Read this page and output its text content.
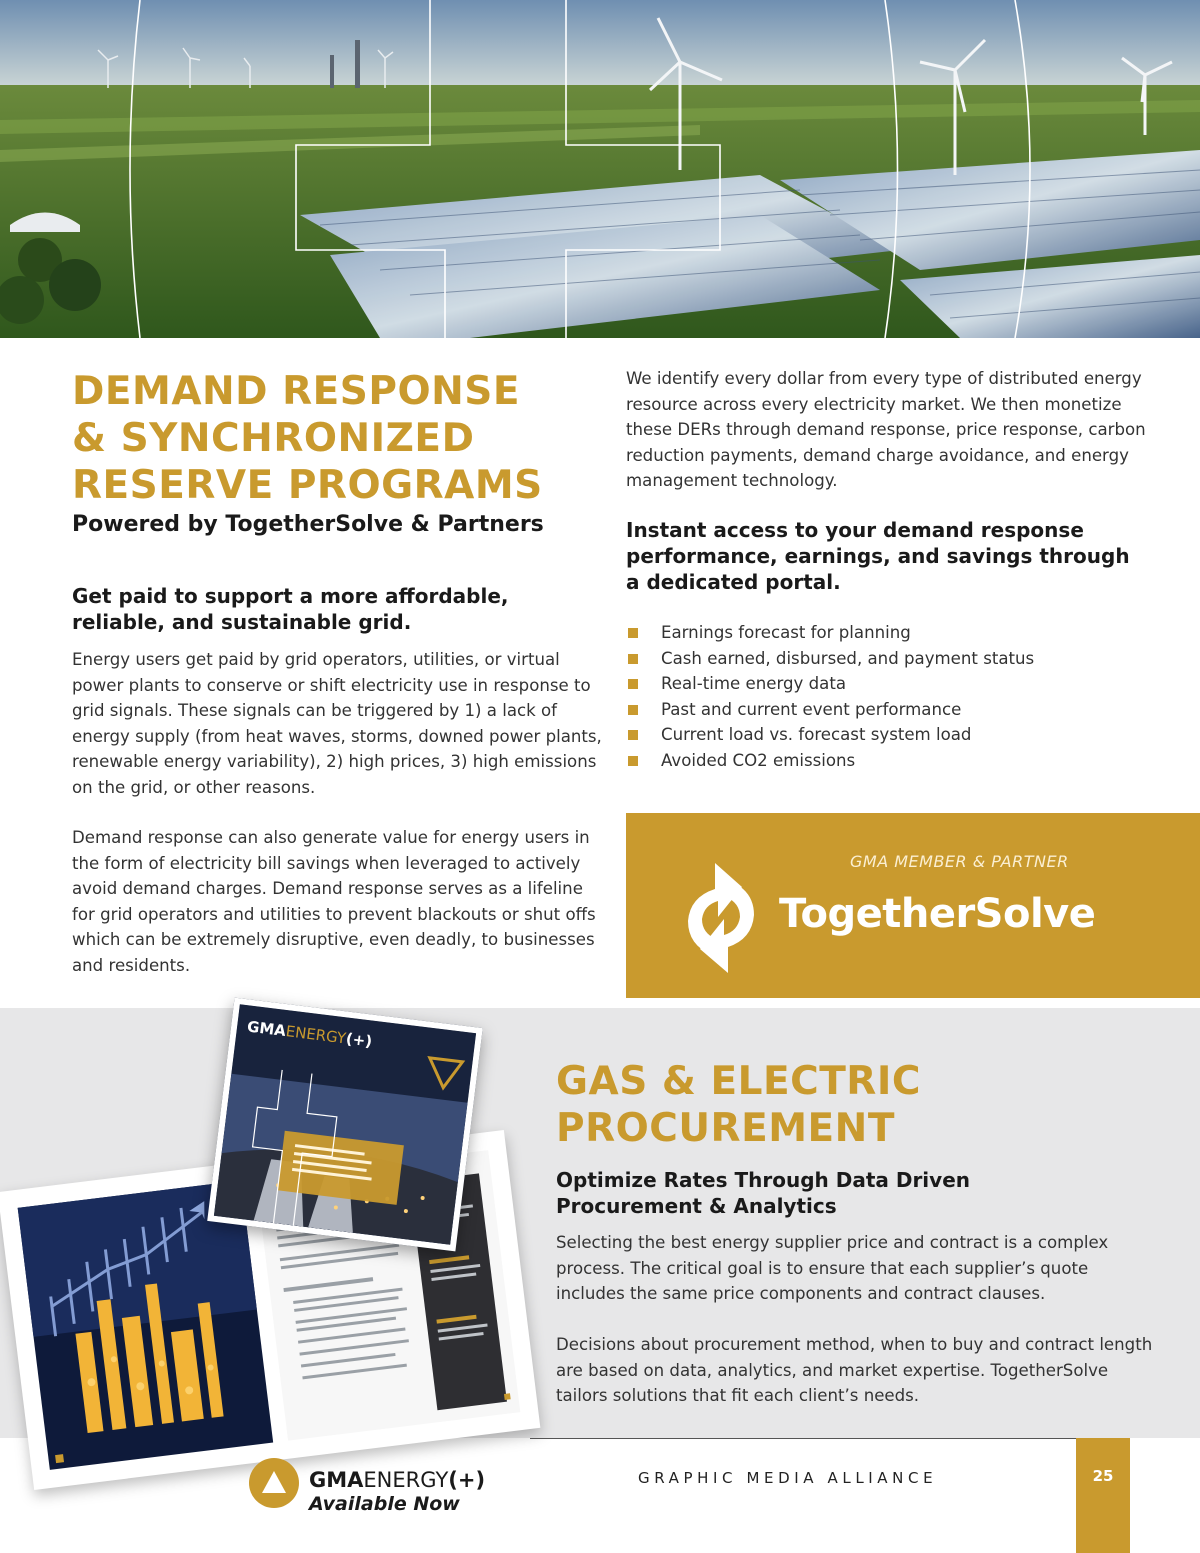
DEMAND RESPONSE
& SYNCHRONIZED
RESERVE PROGRAMS
Powered by TogetherSolve & Partners
Get paid to support a more affordable, reliable, and sustainable grid.

Energy users get paid by grid operators, utilities, or virtual power plants to conserve or shift electricity use in response to grid signals. These signals can be triggered by 1) a lack of energy supply (from heat waves, storms, downed power plants, renewable energy variability), 2) high prices, 3) high emissions on the grid, or other reasons.

Demand response can also generate value for energy users in the form of electricity bill savings when leveraged to actively avoid demand charges. Demand response serves as a lifeline for grid operators and utilities to prevent blackouts or shut offs which can be extremely disruptive, even deadly, to businesses and residents.

We identify every dollar from every type of distributed energy resource across every electricity market. We then monetize these DERs through demand response, price response, carbon reduction payments, demand charge avoidance, and energy management technology.

Instant access to your demand response performance, earnings, and savings through a dedicated portal.
Earnings forecast for planning
Cash earned, disbursed, and payment status
Real-time energy data
Past and current event performance
Current load vs. forecast system load
Avoided CO2 emissions
GMA MEMBER & PARTNER
TogetherSolve
GMAENERGY(+)
GAS & ELECTRIC
PROCUREMENT
Optimize Rates Through Data Driven Procurement & Analytics

Selecting the best energy supplier price and contract is a complex process. The critical goal is to ensure that each supplier’s quote includes the same price components and contract clauses.

Decisions about procurement method, when to buy and contract length are based on data, analytics, and market expertise. TogetherSolve tailors solutions that fit each client’s needs.

GMAENERGY(+)
Available Now
GRAPHIC MEDIA ALLIANCE	25
